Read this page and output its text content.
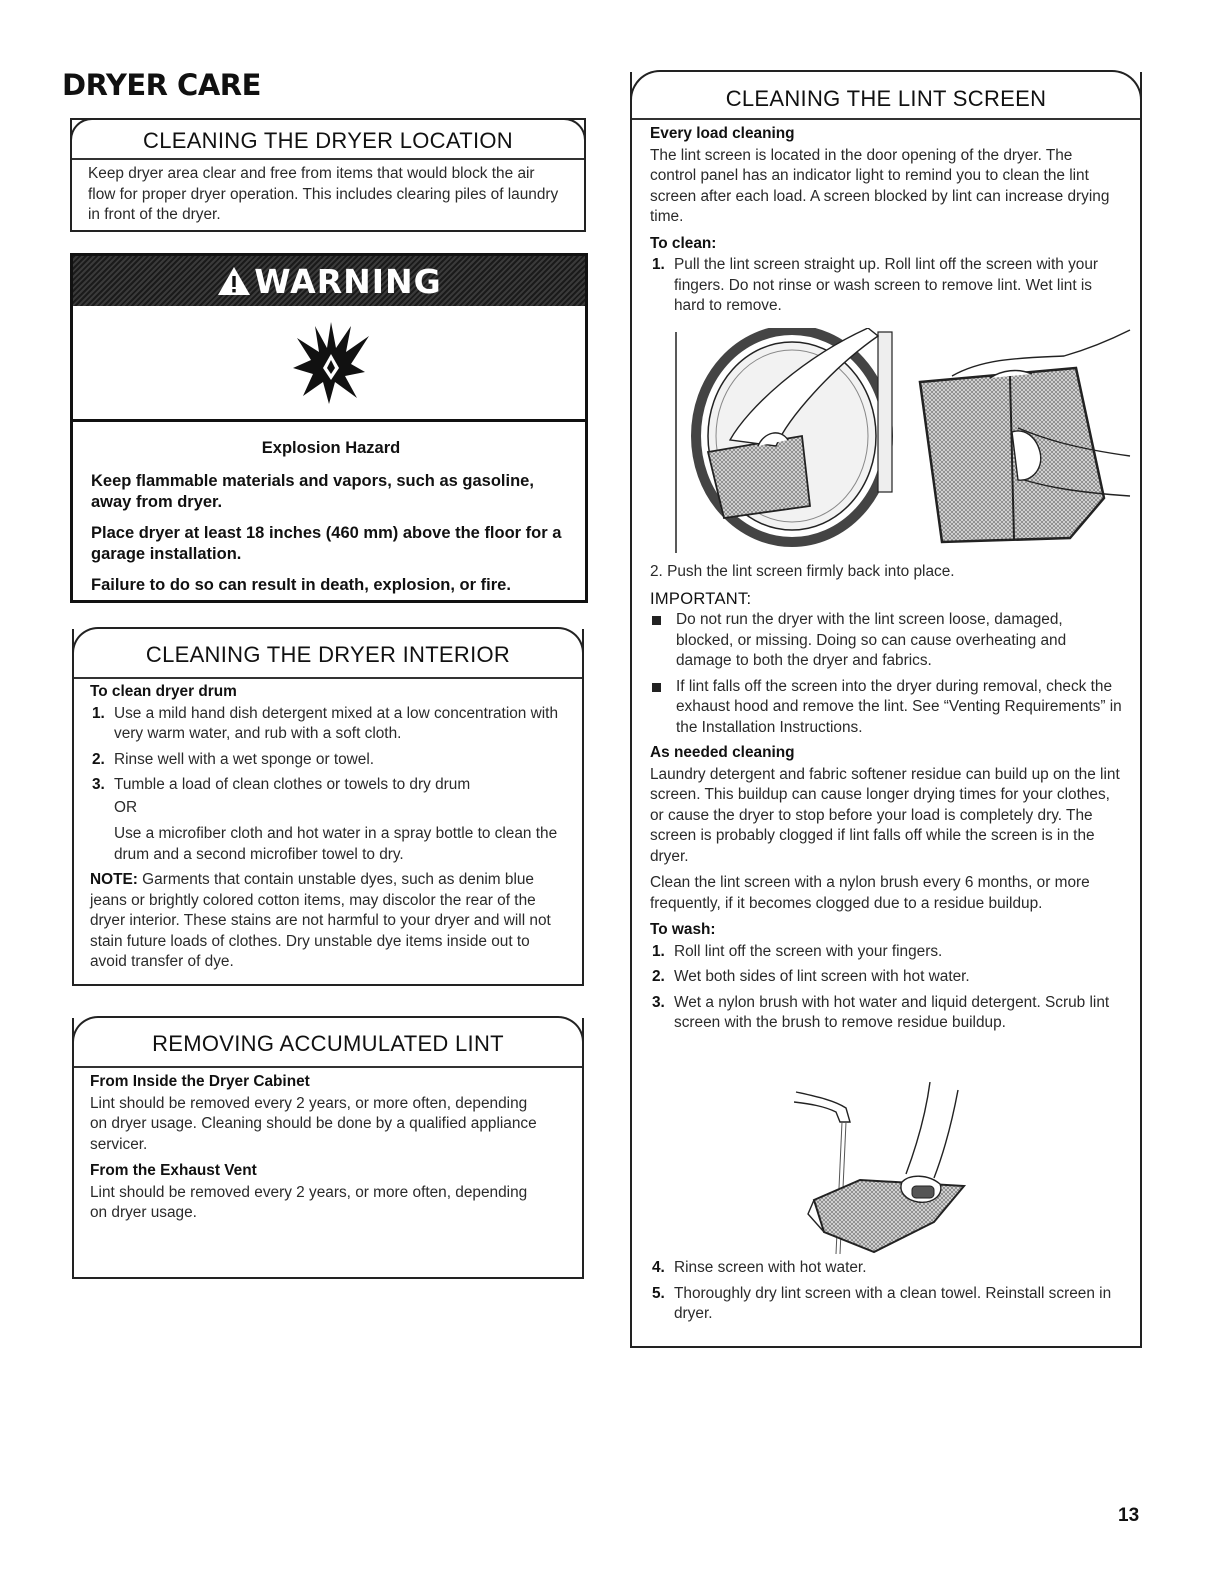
DRYER CARE
CLEANING THE DRYER LOCATION
Keep dryer area clear and free from items that would block the air flow for proper dryer operation. This includes clearing piles of laundry in front of the dryer.
WARNING
Explosion Hazard
Keep flammable materials and vapors, such as gasoline, away from dryer.
Place dryer at least 18 inches (460 mm) above the floor for a garage installation.
Failure to do so can result in death, explosion, or fire.
CLEANING THE DRYER INTERIOR
To clean dryer drum
1. Use a mild hand dish detergent mixed at a low concentration with very warm water, and rub with a soft cloth.
2. Rinse well with a wet sponge or towel.
3. Tumble a load of clean clothes or towels to dry drum
OR
Use a microfiber cloth and hot water in a spray bottle to clean the drum and a second microfiber towel to dry.
NOTE: Garments that contain unstable dyes, such as denim blue jeans or brightly colored cotton items, may discolor the rear of the dryer interior. These stains are not harmful to your dryer and will not stain future loads of clothes. Dry unstable dye items inside out to avoid transfer of dye.
REMOVING ACCUMULATED LINT
From Inside the Dryer Cabinet
Lint should be removed every 2 years, or more often, depending on dryer usage. Cleaning should be done by a qualified appliance servicer.
From the Exhaust Vent
Lint should be removed every 2 years, or more often, depending on dryer usage.
CLEANING THE LINT SCREEN
Every load cleaning
The lint screen is located in the door opening of the dryer. The control panel has an indicator light to remind you to clean the lint screen after each load. A screen blocked by lint can increase drying time.
To clean:
1. Pull the lint screen straight up. Roll lint off the screen with your fingers. Do not rinse or wash screen to remove lint. Wet lint is hard to remove.
2. Push the lint screen firmly back into place.
IMPORTANT:
Do not run the dryer with the lint screen loose, damaged, blocked, or missing. Doing so can cause overheating and damage to both the dryer and fabrics.
If lint falls off the screen into the dryer during removal, check the exhaust hood and remove the lint. See “Venting Requirements” in the Installation Instructions.
As needed cleaning
Laundry detergent and fabric softener residue can build up on the lint screen. This buildup can cause longer drying times for your clothes, or cause the dryer to stop before your load is completely dry. The screen is probably clogged if lint falls off while the screen is in the dryer.
Clean the lint screen with a nylon brush every 6 months, or more frequently, if it becomes clogged due to a residue buildup.
To wash:
1. Roll lint off the screen with your fingers.
2. Wet both sides of lint screen with hot water.
3. Wet a nylon brush with hot water and liquid detergent. Scrub lint screen with the brush to remove residue buildup.
4. Rinse screen with hot water.
5. Thoroughly dry lint screen with a clean towel. Reinstall screen in dryer.
13
